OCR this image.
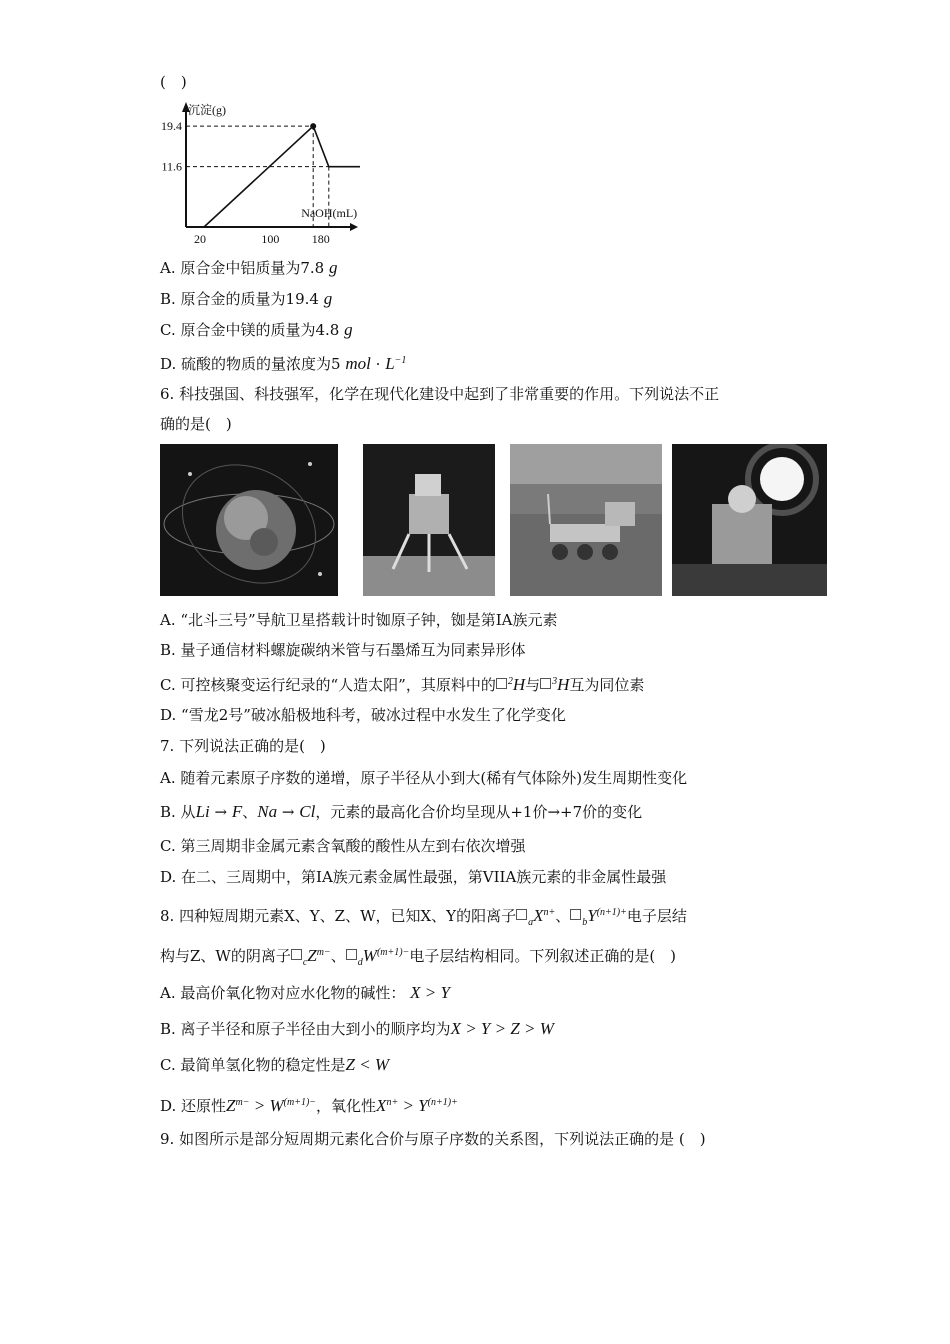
(　)
沉淀(g)
19.4
11.6
NaOH(mL)
20	100	180
A. 原合金中铝质量为7.8 g
B. 原合金的质量为19.4 g
C. 原合金中镁的质量为4.8 g
D. 硫酸的物质的量浓度为5 mol · $L^{-1}$
6. 科技强国、科技强军，化学在现代化建设中起到了非常重要的作用。下列说法不正
确的是(　)
A. “北斗三号”导航卫星搭载计时铷原子钟，铷是第IA族元素
B. 量子通信材料螺旋碳纳米管与石墨烯互为同素异形体
C. 可控核聚变运行纪录的“人造太阳”，其原料中的 $^2$H与 $^3$H互为同位素
D. “雪龙2号”破冰船极地科考，破冰过程中水发生了化学变化
7. 下列说法正确的是(　)
A. 随着元素原子序数的递增，原子半径从小到大(稀有气体除外)发生周期性变化
B. 从Li → F、Na → Cl，元素的最高化合价均呈现从+1价→+7价的变化
C. 第三周期非金属元素含氧酸的酸性从左到右依次增强
D. 在二、三周期中，第IA族元素金属性最强，第VIIA族元素的非金属性最强
8. 四种短周期元素X、Y、Z、W，已知X、Y的阳离子 $_aX^{n+}$、 $_bY^{(n+1)+}$电子层结
构与Z、W的阴离子 $_cZ^{m-}$、 $_dW^{(m+1)-}$电子层结构相同。下列叙述正确的是(　)
A. 最高价氧化物对应水化物的碱性： X > Y
B. 离子半径和原子半径由大到小的顺序均为X > Y > Z > W
C. 最简单氢化物的稳定性是Z < W
D. 还原性$Z^{m-} > W^{(m+1)-}$，氧化性$X^{n+} > Y^{(n+1)+}$
9. 如图所示是部分短周期元素化合价与原子序数的关系图，下列说法正确的是 (　)
